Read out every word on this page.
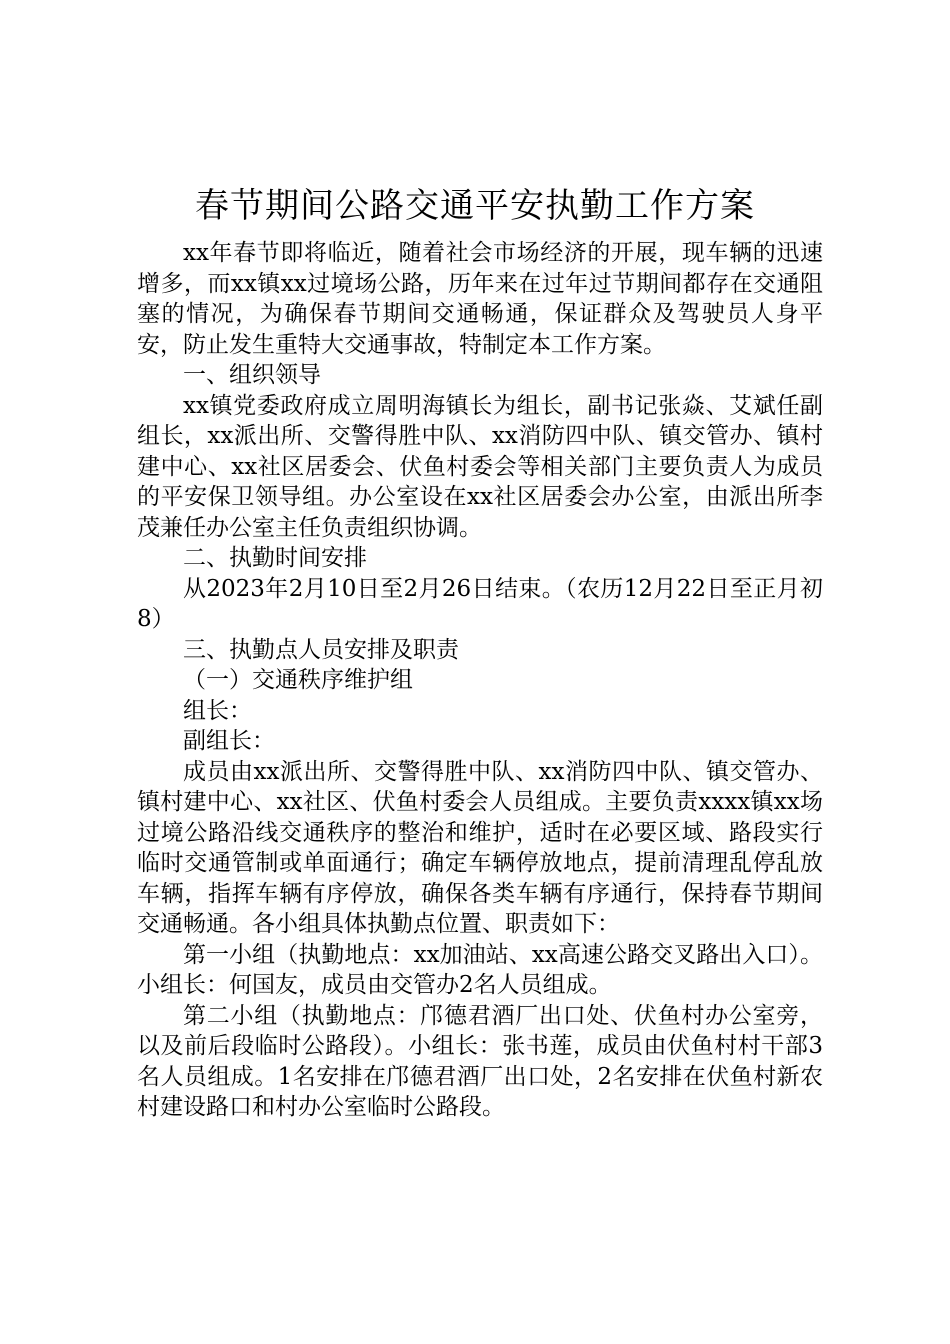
春节期间公路交通平安执勤工作方案

xx年春节即将临近，随着社会市场经济的开展，现车辆的迅速增多，而xx镇xx过境场公路，历年来在过年过节期间都存在交通阻塞的情况，为确保春节期间交通畅通，保证群众及驾驶员人身平安，防止发生重特大交通事故，特制定本工作方案。

一、组织领导

xx镇党委政府成立周明海镇长为组长，副书记张焱、艾斌任副组长，xx派出所、交警得胜中队、xx消防四中队、镇交管办、镇村建中心、xx社区居委会、伏鱼村委会等相关部门主要负责人为成员的平安保卫领导组。办公室设在xx社区居委会办公室，由派出所李茂兼任办公室主任负责组织协调。

二、执勤时间安排

从2023年2月10日至2月26日结束。（农历12月22日至正月初8）

三、执勤点人员安排及职责

（一）交通秩序维护组

组长：

副组长：

成员由xx派出所、交警得胜中队、xx消防四中队、镇交管办、镇村建中心、xx社区、伏鱼村委会人员组成。主要负责xxxx镇xx场过境公路沿线交通秩序的整治和维护，适时在必要区域、路段实行临时交通管制或单面通行；确定车辆停放地点，提前清理乱停乱放车辆，指挥车辆有序停放，确保各类车辆有序通行，保持春节期间交通畅通。各小组具体执勤点位置、职责如下：

第一小组（执勤地点：xx加油站、xx高速公路交叉路出入口）。小组长：何国友，成员由交管办2名人员组成。

第二小组（执勤地点：邝德君酒厂出口处、伏鱼村办公室旁，以及前后段临时公路段）。小组长：张书莲，成员由伏鱼村村干部3名人员组成。1名安排在邝德君酒厂出口处，2名安排在伏鱼村新农村建设路口和村办公室临时公路段。
